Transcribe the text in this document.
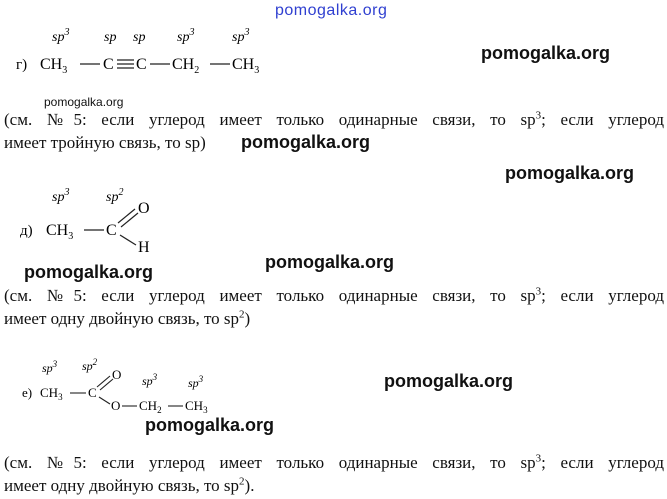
pomogalka.org
$sp^3$ sp sp $sp^3$	$sp^3$
г) $CH_3$ C C $CH_2$ $CH_3$
pomogalka.org
pomogalka.org
(см. №5: если углерод имеет только одинарные связи, то $sp^3$; если углерод
имеет тройную связь, то sp)	pomogalka.org
pomogalka.org
$sp^3$	$sp^2$
O
д) $CH_3$ C
H
pomogalka.org
pomogalka.org
(см. №5: если углерод имеет только одинарные связи, то $sp^3$; если углерод
имеет одну двойную связь, то $sp^2$)
$sp^3$ $sp^2$
$sp^3$	$sp^3$
O
е) $CH_3$ C
O $CH_2$ $CH_3$
pomogalka.org
pomogalka.org
(см. №5: если углерод имеет только одинарные связи, то $sp^3$; если углерод
имеет одну двойную связь, то $sp^2$).
